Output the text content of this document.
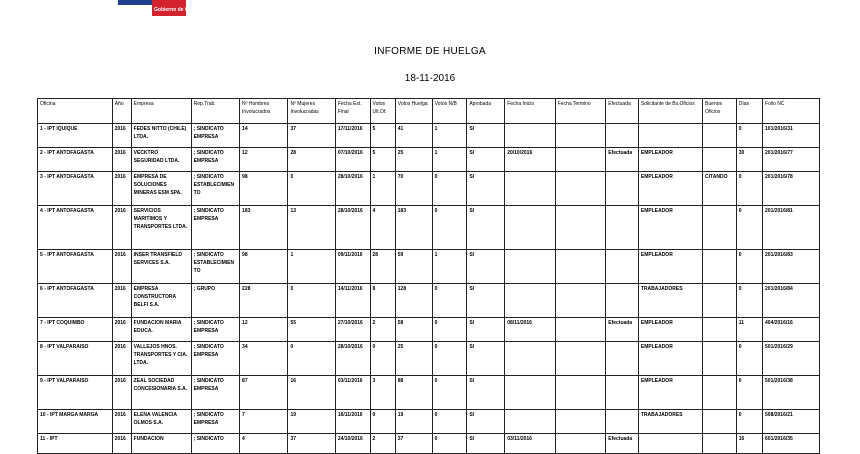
Gobierno de Chile
INFORME DE HUELGA
18-11-2016
Oficina	Año	Empresa	Rep.Trab.	Nº Hombres Involucrados	Nº Mujeres Involucradas	Fecha Est. Final	Votos Ult.Of.	Votos Huelga	Votos N/B	Aprobada	Fecha Inicio	Fecha Termino	Efectuada	Solicitante de Bs.Oficios	Buenos Oficios	Días	Folio NC
1 - IPT IQUIQUE	2016	FEDES NITTO (CHILE) LTDA.	; SINDICATO EMPRESA	14	37	17/11/2016	5	41	1	SI						0	101/2016/31
2 - IPT ANTOFAGASTA	2016	VECKTRO SEGURIDAD LTDA.	; SINDICATO EMPRESA	12	28	07/10/2016	5	25	1	SI	20/10/2016		Efectuada	EMPLEADOR		30	201/2016/77
3 - IPT ANTOFAGASTA	2016	EMPRESA DE SOLUCIONES MINERAS ESM SPA.	; SINDICATO ESTABLECIMIENTO	98	0	28/10/2016	1	70	0	SI				EMPLEADOR	CITANDO	0	201/2016/78
4 - IPT ANTOFAGASTA	2016	SERVICIOS MARITIMOS Y TRANSPORTES LTDA.	; SINDICATO EMPRESA	183	13	28/10/2016	4	183	0	SI				EMPLEADOR		0	201/2016/81
5 - IPT ANTOFAGASTA	2016	INSER TRANSFIELD SERVICES S.A.	; SINDICATO ESTABLECIMIENTO	98	1	09/11/2016	28	59	1	SI				EMPLEADOR		0	201/2016/83
6 - IPT ANTOFAGASTA	2016	EMPRESA CONSTRUCTORA BELFI S.A.	; GRUPO	228	0	14/11/2016	8	128	0	SI				TRABAJADORES		0	201/2016/84
7 - IPT COQUIMBO	2016	FUNDACION MARIA EDUCA.	; SINDICATO EMPRESA	12	55	27/10/2016	2	58	0	SI	08/11/2016		Efectuada	EMPLEADOR		11	404/2016/16
8 - IPT VALPARAISO	2016	VALLEJOS HNOS. TRANSPORTES Y CIA. LTDA.	; SINDICATO EMPRESA	34	0	28/10/2016	0	25	0	SI				EMPLEADOR		0	501/2016/29
9 - IPT VALPARAISO	2016	ZEAL SOCIEDAD CONCESIONARIA S.A.	; SINDICATO EMPRESA	87	16	03/11/2016	3	88	0	SI				EMPLEADOR		0	501/2016/38
10 - IPT MARGA MARGA	2016	ELENA VALENCIA OLMOS S.A.	; SINDICATO EMPRESA	7	19	16/11/2016	0	19	0	SI				TRABAJADORES		0	508/2016/21
11 - IPT	2016	FUNDACION	; SINDICATO	4	37	24/10/2016	2	37	0	SI	03/11/2016		Efectuada			16	601/2016/35
